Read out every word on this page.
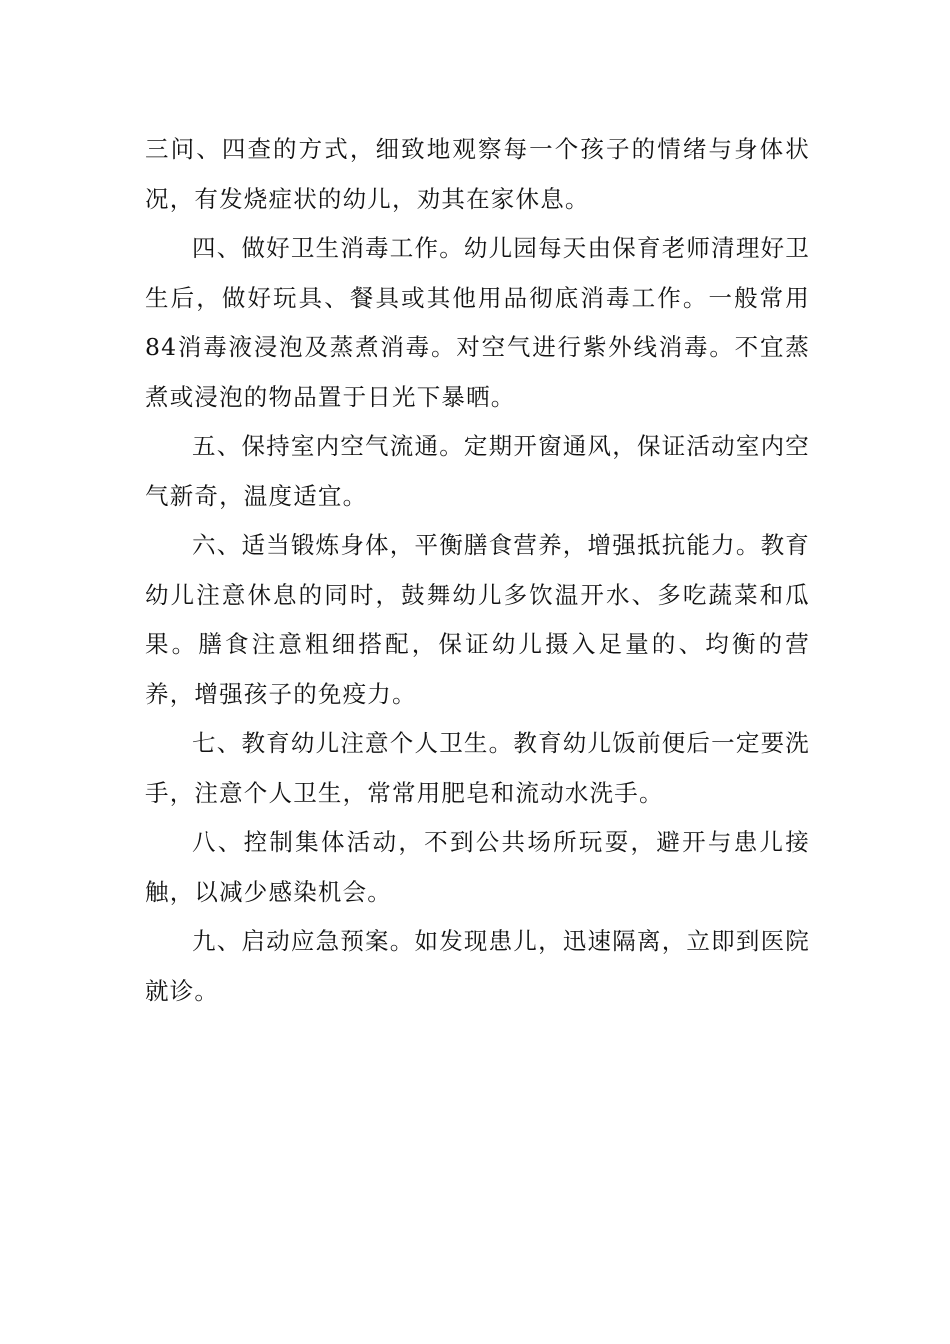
三问、四查的方式，细致地观察每一个孩子的情绪与身体状况，有发烧症状的幼儿，劝其在家休息。

四、做好卫生消毒工作。幼儿园每天由保育老师清理好卫生后，做好玩具、餐具或其他用品彻底消毒工作。一般常用84消毒液浸泡及蒸煮消毒。对空气进行紫外线消毒。不宜蒸煮或浸泡的物品置于日光下暴晒。

五、保持室内空气流通。定期开窗通风，保证活动室内空气新奇，温度适宜。

六、适当锻炼身体，平衡膳食营养，增强抵抗能力。教育幼儿注意休息的同时，鼓舞幼儿多饮温开水、多吃蔬菜和瓜果。膳食注意粗细搭配，保证幼儿摄入足量的、均衡的营养，增强孩子的免疫力。

七、教育幼儿注意个人卫生。教育幼儿饭前便后一定要洗手，注意个人卫生，常常用肥皂和流动水洗手。

八、控制集体活动，不到公共场所玩耍，避开与患儿接触，以减少感染机会。

九、启动应急预案。如发现患儿，迅速隔离，立即到医院就诊。
